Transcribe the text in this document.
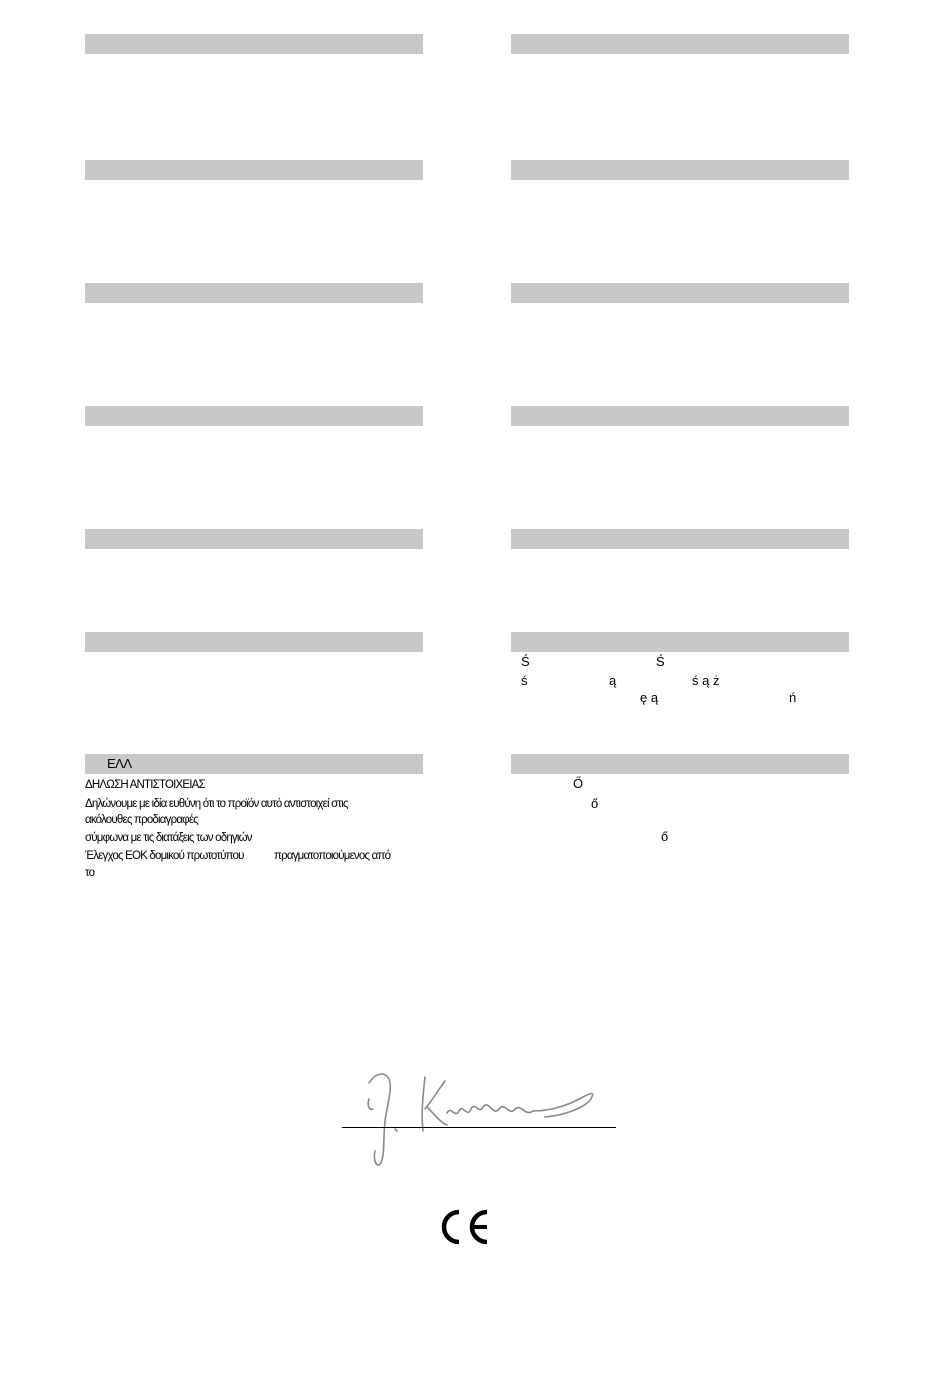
ΕΛΛ
ΔΗΛΩΣΗ ΑΝΤΙΣΤΟΙΧΕΙΑΣ
Δηλώνουμε με ιδία ευθύνη ότι το προϊόν αυτό αντιστοιχεί στις
ακόλουθες προδιαγραφές
σύμφωνα με τις διατάξεις των οδηγιών
Έλεγχος ΕΟΚ δομικού πρωτοτύπου	πραγματοποιούμενος από
το
Ś	Ś
ś	ą	ś ą ż
ę ą	ń
Ő
ő
ő
